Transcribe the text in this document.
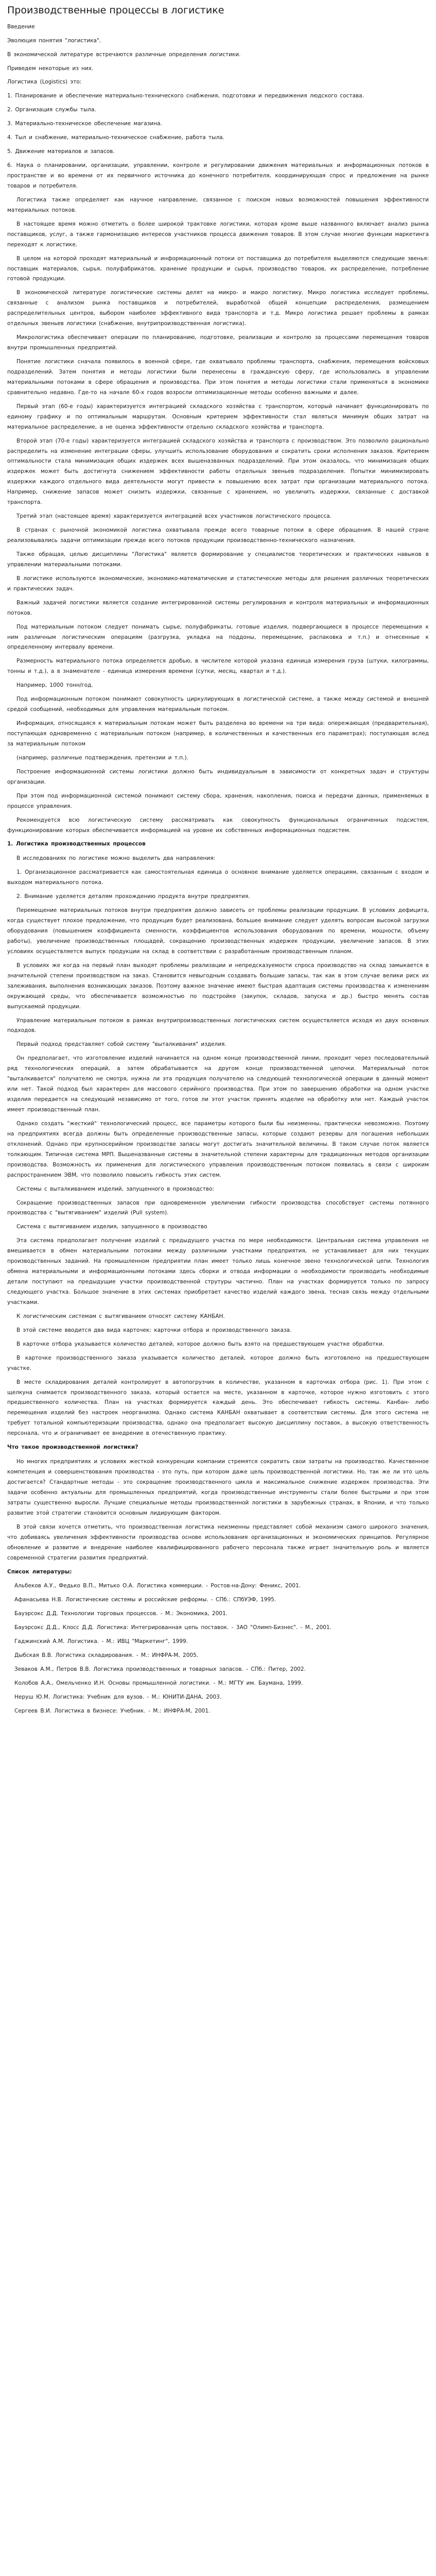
Производственные процессы в логистике

Введение

Эволюция понятия "логистика".

В экономической литературе встречаются различные определения логистики.

Приведем некоторые из них.

Логистика (Logistics) это:

1. Планирование и обеспечение материально-технического снабжения, подготовки и передвижения людского состава.

2. Организация службы тыла.

3. Материально-техническое обеспечение магазина.

4. Тыл и снабжение, материально-техническое снабжение, работа тыла.

5. Движение материалов и запасов.

6. Наука о планировании, организации, управлении, контроле и регулировании движения материальных и информационных потоков в пространстве и во времени от их первичного источника до конечного потребителя, координирующая спрос и предложение на рынке товаров и потребителя.

Логистика также определяет как научное направление, связанное с поиском новых возможностей повышения эффективности материальных потоков.

В настоящее время можно отметить о более широкой трактовке логистики, которая кроме выше названного включает анализ рынка поставщиков, услуг, а также гармонизацию интересов участников процесса движения товаров. В этом случае многие функции маркетинга переходят к логистике.

В целом на которой проходят материальный и информационный потоки от поставщика до потребителя выделяются следующие звенья: поставщик материалов, сырья, полуфабрикатов, хранение продукции и сырья, производство товаров, их распределение, потребление готовой продукции.

В экономической литературе логистические системы делят на микро- и макро логистику. Микро логистика исследует проблемы, связанные с анализом рынка поставщиков и потребителей, выработкой общей концепции распределения, размещением распределительных центров, выбором наиболее эффективного вида транспорта и т.д. Микро логистика решает проблемы в рамках отдельных звеньев логистики (снабжение, внутрипроизводственная логистика).

Микрологистика обеспечивает операции по планированию, подготовке, реализации и контролю за процессами перемещения товаров внутри промышленных предприятий.

Понятие логистики сначала появилось в военной сфере, где охватывало проблемы транспорта, снабжения, перемещения войсковых подразделений. Затем понятия и методы логистики были перенесены в гражданскую сферу, где использовались в управлении материальными потоками в сфере обращения и производства. При этом понятия и методы логистики стали применяться в экономике сравнительно недавно. Где-то на начале 60-х годов возросли оптимизационные методы особенно важными и далее.

Первый этап (60-е годы) характеризуется интеграцией складского хозяйства с транспортом, который начинает функционировать по единому графику и по оптимальным маршрутам. Основным критерием эффективности стал являться минимум общих затрат на материальное распределение, а не оценка эффективности отдельно складского хозяйства и транспорта.

Второй этап (70-е годы) характеризуется интеграцией складского хозяйства и транспорта с производством. Это позволило рационально распределить на изменение интеграции сферы, улучшить использование оборудования и сократить сроки исполнения заказов. Критерием оптимальности стала минимизация общих издержек всех вышеназванных подразделений. При этом оказалось, что минимизация общих издержек может быть достигнута снижением эффективности работы отдельных звеньев подразделения. Попытки минимизировать издержки каждого отдельного вида деятельности могут привести к повышению всех затрат при организации материального потока. Например, снижение запасов может снизить издержки, связанные с хранением, но увеличить издержки, связанные с доставкой транспорта.

Третий этап (настоящее время) характеризуется интеграцией всех участников логистического процесса.

В странах с рыночной экономикой логистика охватывала прежде всего товарные потоки в сфере обращения. В нашей стране реализовывались задачи оптимизации прежде всего потоков продукции производственно-технического назначения.

Также обращая, целью дисциплины "Логистика" является формирование у специалистов теоретических и практических навыков в управлении материальными потоками.

В логистике используются экономические, экономико-математические и статистические методы для решения различных теоретических и практических задач.

Важный задачей логистики является создание интегрированной системы регулирования и контроля материальных и информационных потоков.

Под материальным потоком следует понимать сырье, полуфабрикаты, готовые изделия, подвергающиеся в процессе перемещения к ним различным логистическим операциям (разгрузка, укладка на поддоны, перемещение, распаковка и т.п.) и отнесенные к определенному интервалу времени.

Размерность материального потока определяется дробью, в числителе которой указана единица измерения груза (штуки, килограммы, тонны и т.д.), а в знаменателе - единица измерения времени (сутки, месяц, квартал и т.д.).

Например, 1000 тонн/год.

Под информационным потоком понимают совокупность циркулирующих в логистической системе, а также между системой и внешней средой сообщений, необходимых для управления материальным потоком.

Информация, относящаяся к материальным потокам может быть разделена во времени на три вида: опережающая (предварительная), поступающая одновременно с материальным потоком (например, в количественных и качественных его параметрах); поступающая вслед за материальным потоком

(например, различные подтверждения, претензии и т.п.).

Построение информационной системы логистики должно быть индивидуальным в зависимости от конкретных задач и структуры организации.

При этом под информационной системой понимают систему сбора, хранения, накопления, поиска и передачи данных, применяемых в процессе управления.

Рекомендуется всю логистическую систему рассматривать как совокупность функциональных ограниченных подсистем, функционирование которых обеспечивается информацией на уровне их собственных информационных подсистем.

1. Логистика производственных процессов

В исследованиях по логистике можно выделить два направления:

1. Организационное рассматривается как самостоятельная единица о основное внимание уделяется операциям, связанным с входом и выходом материального потока.

2. Внимание уделяется деталям прохождению продукта внутри предприятия.

Перемещение материальных потоков внутри предприятия должно зависеть от проблемы реализации продукции. В условиях дефицита, когда существует плохое предложение, что продукция будет реализована, большее внимание следует уделять вопросам высокой загрузки оборудования (повышением коэффициента сменности, коэффициентов использования оборудования по времени, мощности, объему работы), увеличение производственных площадей, сокращению производственных издержек продукции, увеличение запасов. В этих условиях осуществляется выпуск продукции на склад в соответствии с разработанным производственным планом.

В условиях же когда на первый план выходят проблемы реализации и непредсказуемости спроса производство на склад замыкается в значительной степени производством на заказ. Становится невыгодным создавать большие запасы, так как в этом случае велики риск их залеживания, выполнения возникающих заказов. Поэтому важное значение имеют быстрая адаптация системы производства к изменениям окружающей среды, что обеспечивается возможностью по подстройке (закупок, складов, запуска и др.) быстро менять состав выпускаемой продукции.

Управление материальным потоком в рамках внутрипроизводственных логистических систем осуществляется исходя из двух основных подходов.

Первый подход представляет собой систему "выталкивания" изделия.

Он предполагает, что изготовление изделий начинается на одном конце производственной линии, проходит через последовательный ряд технологических операций, а затем обрабатывается на другом конце производственной цепочки. Материальный поток "выталкивается" получателю не смотря, нужна ли эта продукция получателю на следующей технологической операции в данный момент или нет. Такой подход был характерен для массового серийного производства. При этом по завершению обработки на одном участке изделия передается на следующий независимо от того, готов ли этот участок принять изделие на обработку или нет. Каждый участок имеет производственный план.

Однако создать "жесткий" технологический процесс, все параметры которого были бы неизменны, практически невозможно. Поэтому на предприятиях всегда должны быть определенные производственные запасы, которые создают резервы для погашения небольших отклонений. Однако при крупносерийном производстве запасы могут достигать значительной величины. В таком случае поток является толкающим. Типичная система МРП. Вышеназванные системы в значительной степени характерны для традиционных методов организации производства. Возможность их применения для логистического управления производственным потоком появилась в связи с широким распространением ЭВМ, что позволило повысить гибкость этих систем.

Системы с выталкиванием изделий, запущенного в производство:

Сокращение производственных запасов при одновременном увеличении гибкости производства способствует системы потянного производства с "вытягиванием" изделий (Pull system).

Система с вытягиванием изделия, запущенного в производство

Эта система предполагает получение изделий с предыдущего участка по мере необходимости. Центральная система управления не вмешивается в обмен материальными потоками между различными участками предприятия, не устанавливает для них текущих производственных заданий. На промышленном предприятии план имеет только лишь конечное звено технологической цепи. Технология обмена материальными и информационными потоками здесь сборки и отвода информации о необходимости производить необходимые детали поступают на предыдущие участки производственной струтуры частично. План на участках формируется только по запросу следующего участка. Большое значение в этих системах приобретает качество изделий каждого звена, тесная связь между отдельными участками.

К логистическим системам с вытягиванием относят систему КАНБАН.

В этой системе вводится два вида карточек: карточки отбора и производственного заказа.

В карточке отбора указывается количество деталей, которое должно быть взято на предшествующем участке обработки.

В карточке производственного заказа указывается количество деталей, которое должно быть изготовлено на предшествующем участке.

В месте складирования деталей контролирует в автопогрузчик в количестве, указанном в карточках отбора (рис. 1). При этом с щелкуна снимается производственного заказа, который остается на месте, указанном в карточке, которое нужно изготовить с этого предшественного количества. План на участках формируется каждый день. Это обеспечивает гибкость системы. Канбан- либо перемещения изделий без настроек неорганизма. Однако система КАНБАН охватывает в соответствии системы. Для этого система не требует тотальной компьютеризации производства, однако она предполагает высокую дисциплину поставок, а высокую ответственность персонала, что и ограничивает ее внедрение в отечественную практику.

Что такое производственной логистики?

Но многих предприятиях и условиях жесткой конкуренции компании стремятся сократить свои затраты на производство. Качественное компетенция и совершенствования производства - это путь, при котором даже цель производственной логистики. Но, так же ли это цель достигается? Стандартные методы - это сокращение производственного цикла и максимальное снижение издержек производства. Эти задачи особенно актуальны для промышленных предприятий, когда производственные инструменты стали более быстрыми и при этом затраты существенно выросли. Лучшие специальные методы производственной логистики в зарубежных странах, в Японии, и что только развитие этой стратегии становится основным лидирующим фактором.

В этой связи хочется отметить, что производственная логистика неизменны представляет собой механизм самого широкого значения, что добиваясь увеличения эффективности производства основе использования организационных и экономических принципов. Регулярное обновление и развитие и внедрение наиболее квалифицированного рабочего персонала также играет значительную роль и является современной стратегии развития предприятий.

Список литературы:

Альбеков А.У., Федько В.П., Митько О.А. Логистика коммерции. - Ростов-на-Дону: Феникс, 2001.

Афанасьева Н.В. Логистические системы и российские реформы. - СПб.: СПбУЭФ, 1995.

Бауэрсокс Д.Д. Технологии торговых процессов. - М.: Экономика, 2001.

Бауэрсокс Д.Д., Клосс Д.Д. Логистика: Интегрированная цепь поставок. - 3АО "Олимп-Бизнес". - М., 2001.

Гаджинский А.М. Логистика. - М.: ИВЦ "Маркетинг", 1999.

Дыбская В.В. Логистика складирования. - М.: ИНФРА-М, 2005.

Зеваков А.М., Петров В.В. Логистика производственных и товарных запасов. - СПб.: Питер, 2002.

Колобов А.А., Омельченко И.Н. Основы промышленной логистики. - М.: МГТУ им. Баумана, 1999.

Неруш Ю.М. Логистика: Учебник для вузов. - М.: ЮНИТИ-ДАНА, 2003.

Сергеев В.И. Логистика в бизнесе: Учебник. - М.: ИНФРА-М, 2001.
